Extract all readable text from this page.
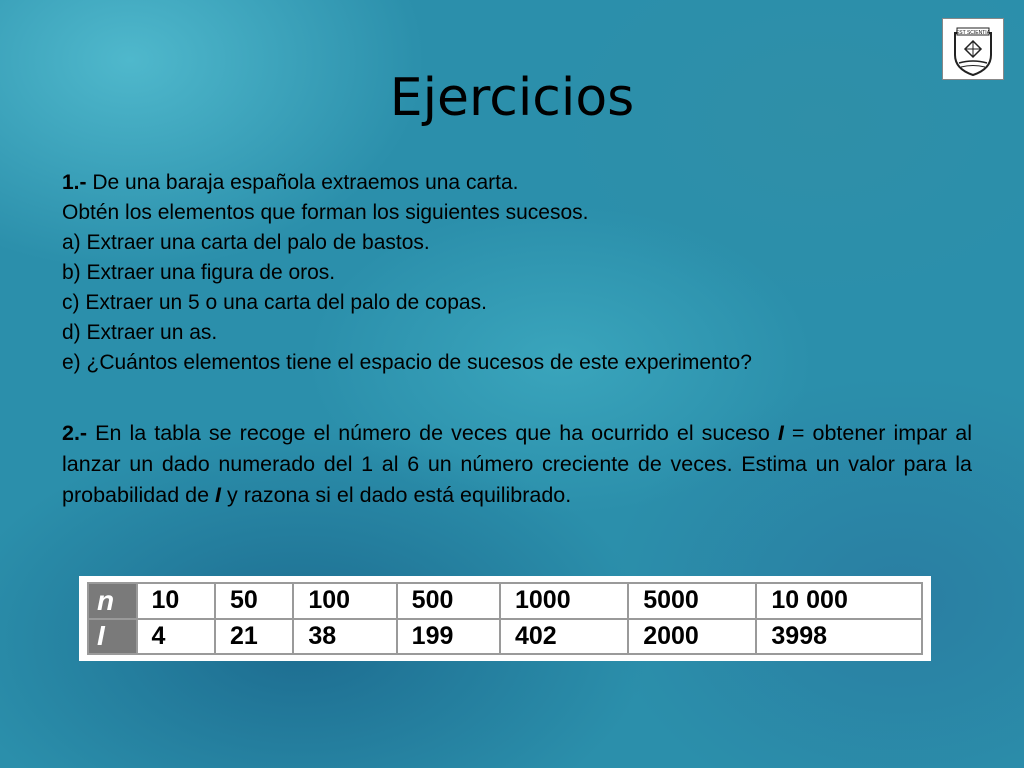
EST SCIENTIA
Ejercicios

1.- De una baraja española extraemos una carta.

Obtén los elementos que forman los siguientes sucesos.

a) Extraer una carta del palo de bastos.

b) Extraer una figura de oros.

c) Extraer un 5 o una carta del palo de copas.

d) Extraer un as.

e) ¿Cuántos elementos tiene el espacio de sucesos de este experimento?

2.- En la tabla se recoge el número de veces que ha ocurrido el suceso I = obtener impar al lanzar un dado numerado del 1 al 6 un número creciente de veces. Estima un valor para la probabilidad de I y razona si el dado está equilibrado.

n	10	50	100	500	1000	5000	10 000
I	4	21	38	199	402	2000	3998
